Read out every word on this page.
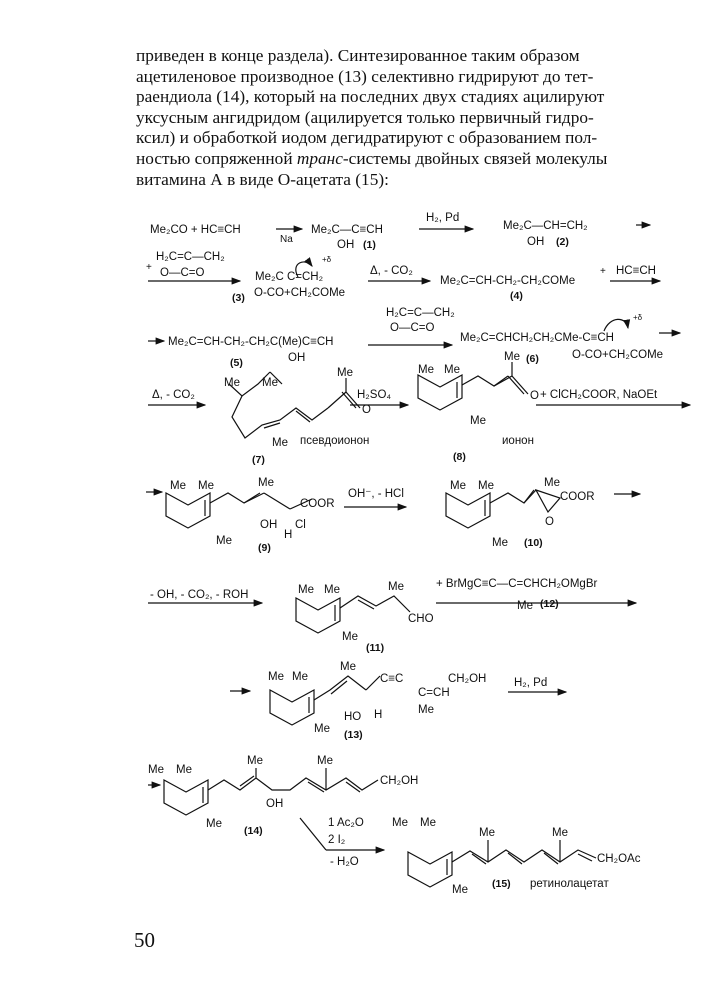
приведен в конце раздела). Синтезированное таким образом
ацетиленовое производное (13) селективно гидрируют до тет-
раендиола (14), который на последних двух стадиях ацилируют
уксусным ангидридом (ацилируется только первичный гидро-
ксил) и обработкой иодом дегидратируют с образованием пол-
ностью сопряженной транс-системы двойных связей молекулы
витамина А в виде О-ацетата (15):
Me₂CO + HC≡CH
Na
Me₂C—C≡CH
OH (1)
H₂, Pd
Me₂C—CH=CH₂
OH (2)
+
H₂C=C—CH₂
O—C=O	Me₂C C=CH₂
+δ
O-CO+CH₂COMe
(3)
Δ, - CO₂
Me₂C=CH-CH₂-CH₂COMe
(4)
+ HC≡CH
Me₂C=CH-CH₂-CH₂C(Me)C≡CH
OH
(5)
H₂C=C—CH₂
O—C=O
Me₂C=CHCH₂CH₂CMe-C≡CH
+δ
O-CO+CH₂COMe
(6)
Δ, - CO₂
Me
Me
Me
O
Me псевдоионон
(7)
H₂SO₄
Me Me
Me
O
Me
ионон
(8)
+ ClCH₂COOR, NaOEt
Me Me	Me
COOR
OH Cl
H
Me
(9)
OH⁻, - HCl
Me Me	Me
COOR
O
Me (10)
- OH, - CO₂, - ROH	Me Me	Me
CHO
Me
(11)
+ BrMgC≡C—C=CHCH₂OMgBr
Me (12)
Me Me
Me
C≡C
C=CH
CH₂OH
Me
HO H
Me (13)
H₂, Pd
Me Me
Me	Me
CH₂OH
OH
Me
(14)
1 Ac₂O
2 I₂
- H₂O
Me Me
Me	Me
CH₂OAc
Me (15) ретинолацетат
50
